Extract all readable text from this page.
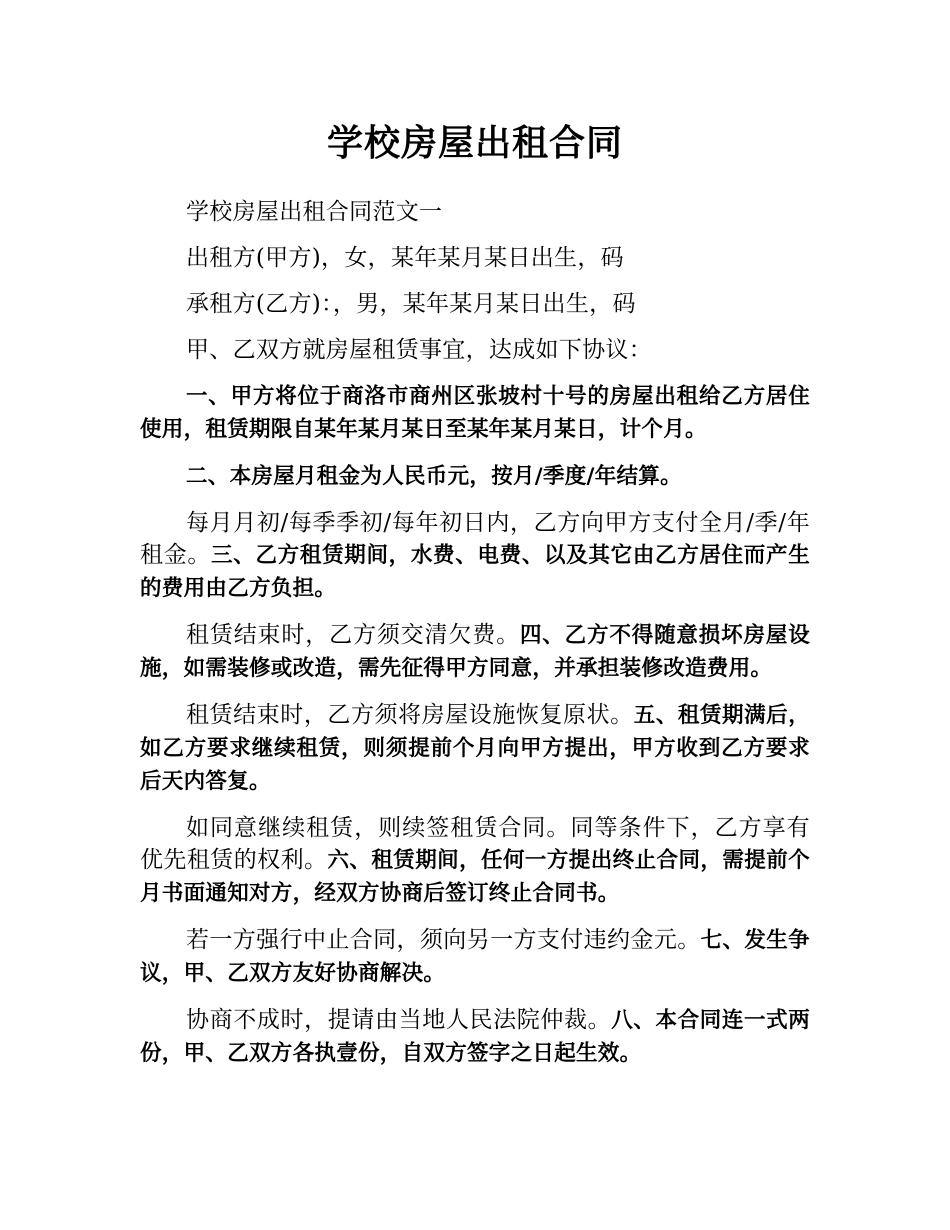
学校房屋出租合同

学校房屋出租合同范文一

出租方(甲方)，女，某年某月某日出生，码

承租方(乙方)：，男，某年某月某日出生，码

甲、乙双方就房屋租赁事宜，达成如下协议：

一、甲方将位于商洛市商州区张坡村十号的房屋出租给乙方居住使用，租赁期限自某年某月某日至某年某月某日，计个月。

二、本房屋月租金为人民币元，按月/季度/年结算。

每月月初/每季季初/每年初日内，乙方向甲方支付全月/季/年租金。三、乙方租赁期间，水费、电费、以及其它由乙方居住而产生的费用由乙方负担。

租赁结束时，乙方须交清欠费。四、乙方不得随意损坏房屋设施，如需装修或改造，需先征得甲方同意，并承担装修改造费用。

租赁结束时，乙方须将房屋设施恢复原状。五、租赁期满后，如乙方要求继续租赁，则须提前个月向甲方提出，甲方收到乙方要求后天内答复。

如同意继续租赁，则续签租赁合同。同等条件下，乙方享有优先租赁的权利。六、租赁期间，任何一方提出终止合同，需提前个月书面通知对方，经双方协商后签订终止合同书。

若一方强行中止合同，须向另一方支付违约金元。七、发生争议，甲、乙双方友好协商解决。

协商不成时，提请由当地人民法院仲裁。八、本合同连一式两份，甲、乙双方各执壹份，自双方签字之日起生效。
